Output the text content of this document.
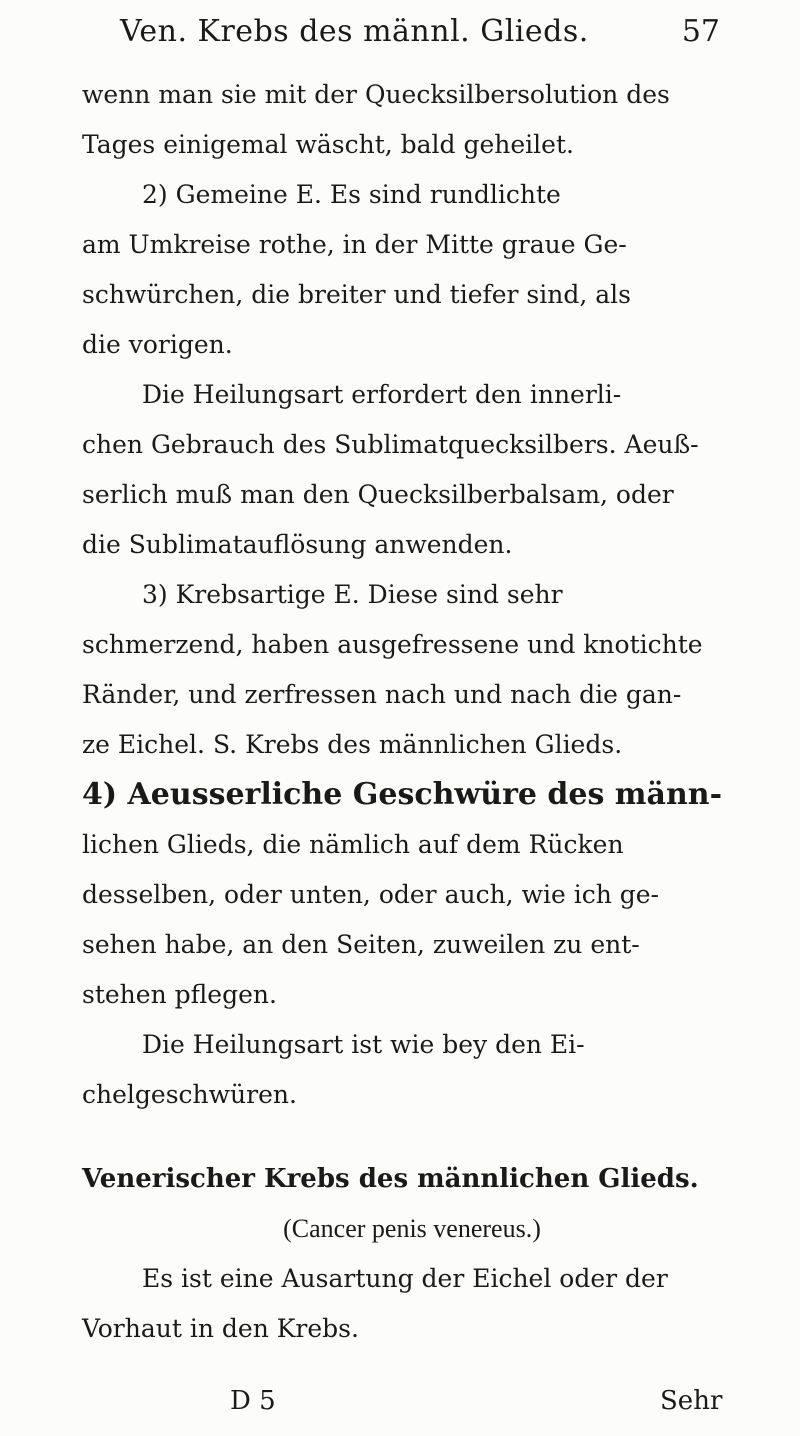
Ven. Krebs des männl. Glieds.	57
wenn man sie mit der Quecksilbersolution des
Tages einigemal wäscht, bald geheilet.
2) Gemeine E. Es sind rundlichte
am Umkreise rothe, in der Mitte graue Ge-
schwürchen, die breiter und tiefer sind, als
die vorigen.
Die Heilungsart erfordert den innerli-
chen Gebrauch des Sublimatquecksilbers. Aeuß-
serlich muß man den Quecksilberbalsam, oder
die Sublimatauflösung anwenden.
3) Krebsartige E. Diese sind sehr
schmerzend, haben ausgefressene und knotichte
Ränder, und zerfressen nach und nach die gan-
ze Eichel. S. Krebs des männlichen Glieds.
4) Aeusserliche Geschwüre des männ-
lichen Glieds, die nämlich auf dem Rücken
desselben, oder unten, oder auch, wie ich ge-
sehen habe, an den Seiten, zuweilen zu ent-
stehen pflegen.
Die Heilungsart ist wie bey den Ei-
chelgeschwüren.
Venerischer Krebs des männlichen Glieds.
(Cancer penis venereus.)
Es ist eine Ausartung der Eichel oder der
Vorhaut in den Krebs.
D 5	Sehr
